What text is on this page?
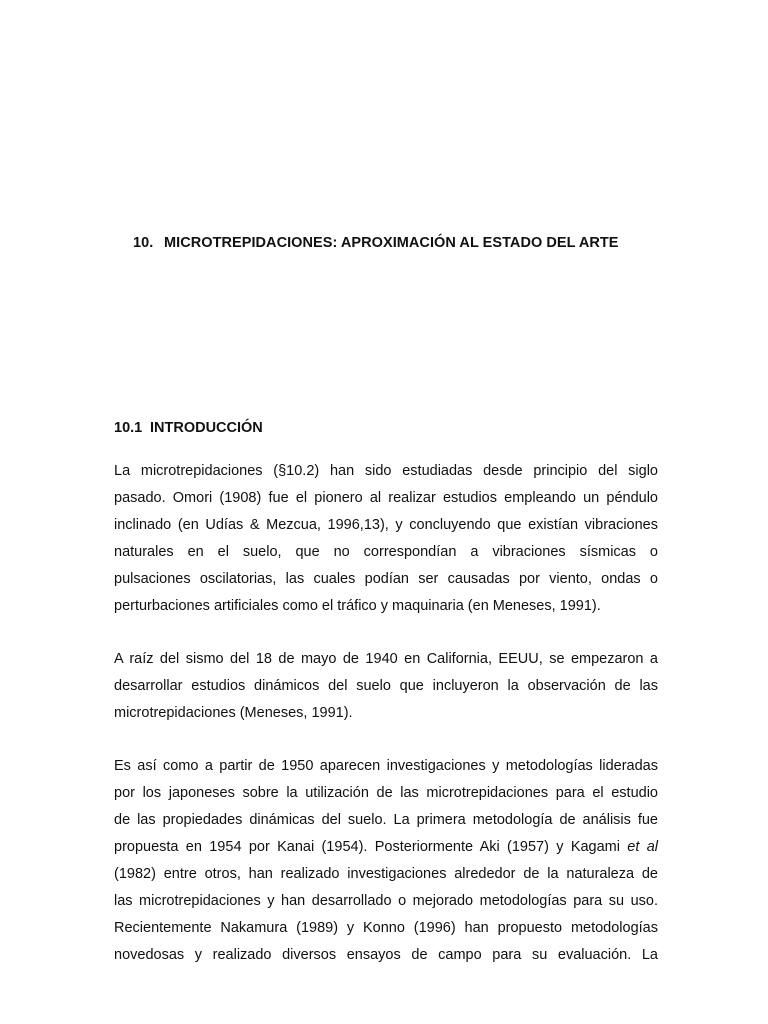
10. MICROTREPIDACIONES: APROXIMACIÓN AL ESTADO DEL ARTE
10.1 INTRODUCCIÓN
La microtrepidaciones (§10.2) han sido estudiadas desde principio del siglo
pasado. Omori (1908) fue el pionero al realizar estudios empleando un péndulo
inclinado (en Udías & Mezcua, 1996,13), y concluyendo que existían vibraciones
naturales en el suelo, que no correspondían a vibraciones sísmicas o
pulsaciones oscilatorias, las cuales podían ser causadas por viento, ondas o
perturbaciones artificiales como el tráfico y maquinaria (en Meneses, 1991).
A raíz del sismo del 18 de mayo de 1940 en California, EEUU, se empezaron a
desarrollar estudios dinámicos del suelo que incluyeron la observación de las
microtrepidaciones (Meneses, 1991).
Es así como a partir de 1950 aparecen investigaciones y metodologías lideradas
por los japoneses sobre la utilización de las microtrepidaciones para el estudio
de las propiedades dinámicas del suelo. La primera metodología de análisis fue
propuesta en 1954 por Kanai (1954). Posteriormente Aki (1957) y Kagami et al
(1982) entre otros, han realizado investigaciones alrededor de la naturaleza de
las microtrepidaciones y han desarrollado o mejorado metodologías para su uso.
Recientemente Nakamura (1989) y Konno (1996) han propuesto metodologías
novedosas y realizado diversos ensayos de campo para su evaluación. La
